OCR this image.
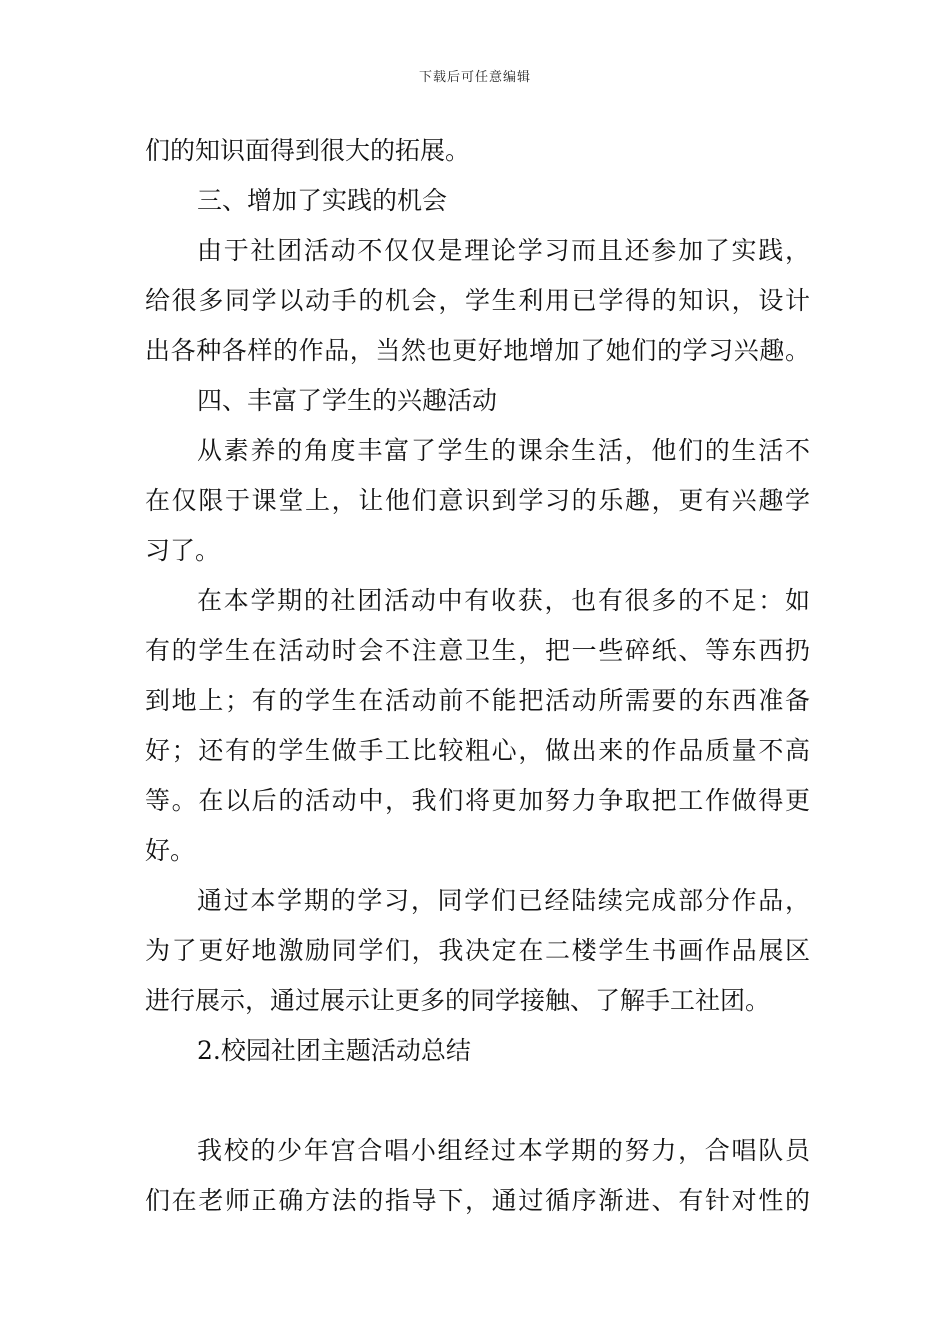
下载后可任意编辑
们的知识面得到很大的拓展。
三、增加了实践的机会
由于社团活动不仅仅是理论学习而且还参加了实践，
给很多同学以动手的机会，学生利用已学得的知识，设计
出各种各样的作品，当然也更好地增加了她们的学习兴趣。
四、丰富了学生的兴趣活动
从素养的角度丰富了学生的课余生活，他们的生活不
在仅限于课堂上，让他们意识到学习的乐趣，更有兴趣学
习了。
在本学期的社团活动中有收获，也有很多的不足：如
有的学生在活动时会不注意卫生，把一些碎纸、等东西扔
到地上；有的学生在活动前不能把活动所需要的东西准备
好；还有的学生做手工比较粗心，做出来的作品质量不高
等。在以后的活动中，我们将更加努力争取把工作做得更
好。
通过本学期的学习，同学们已经陆续完成部分作品，
为了更好地激励同学们，我决定在二楼学生书画作品展区
进行展示，通过展示让更多的同学接触、了解手工社团。
2.校园社团主题活动总结
我校的少年宫合唱小组经过本学期的努力，合唱队员
们在老师正确方法的指导下，通过循序渐进、有针对性的
